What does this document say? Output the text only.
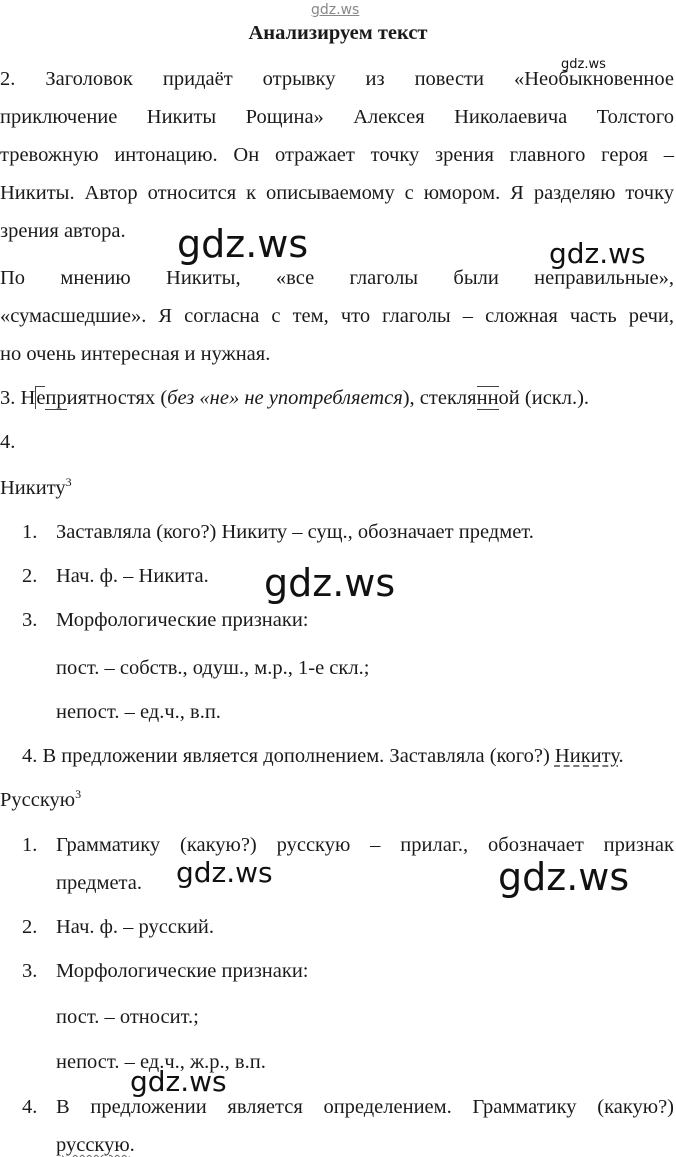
gdz.ws
Анализируем текст
2. Заголовок придаёт отрывку из повести «Необыкновенное
приключение Никиты Рощина» Алексея Николаевича Толстого
тревожную интонацию. Он отражает точку зрения главного героя –
Никиты. Автор относится к описываемому с юмором. Я разделяю точку
зрения автора.
gdz.ws
gdz.ws	gdz.ws
По мнению Никиты, «все глаголы были неправильные»,
«сумасшедшие». Я согласна с тем, что глаголы – сложная часть речи,
но очень интересная и нужная.
3. Неприятностях (без «не» не употребляется), стеклянной (искл.).
4.
Никиту$^3$
1. Заставляла (кого?) Никиту – сущ., обозначает предмет.
2. Нач. ф. – Никита. gdz.ws
3. Морфологические признаки:
пост. – собств., одуш., м.р., 1-е скл.;
непост. – ед.ч., в.п.
4. В предложении является дополнением. Заставляла (кого?) Никиту.
Русскую$^3$
1. Грамматику (какую?) русскую – прилаг., обозначает признак
предмета. gdz.ws	gdz.ws
2. Нач. ф. – русский.
3. Морфологические признаки:
пост. – относит.;
непост. – ед.ч., ж.р., в.п.
gdz.ws
4. В предложении является определением. Грамматику (какую?)
русскую.
